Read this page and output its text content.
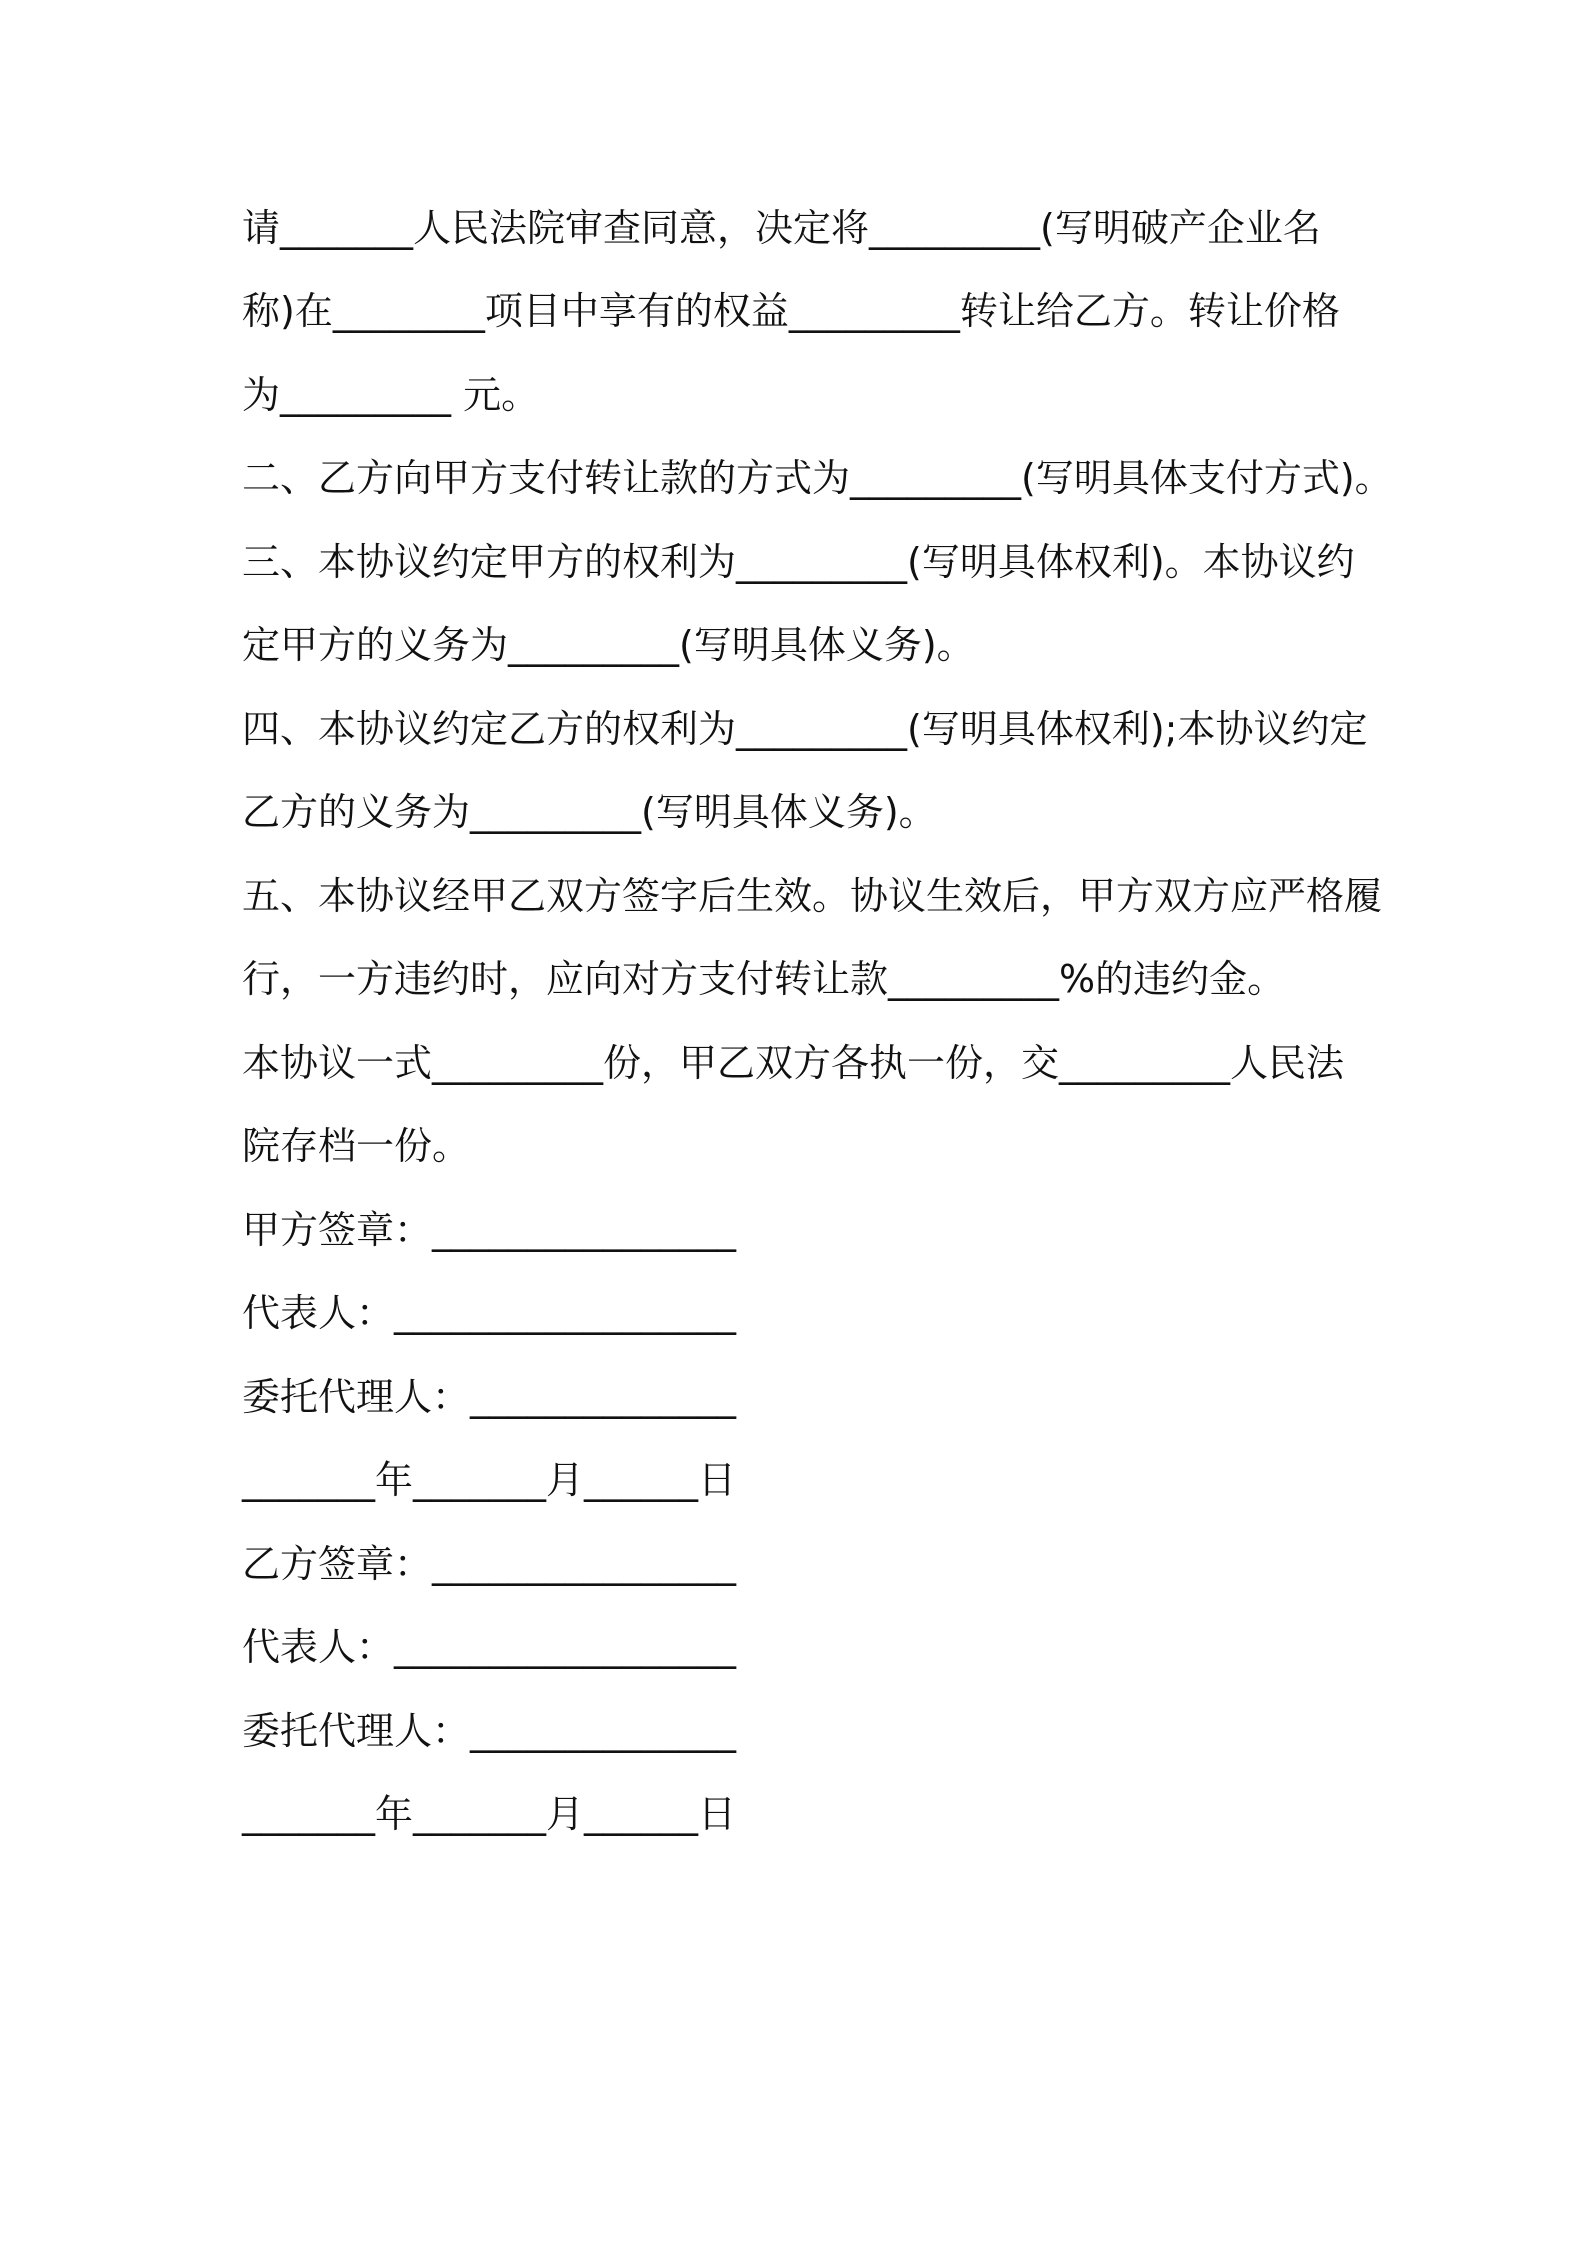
请_______人民法院审查同意，决定将_________(写明破产企业名
称)在________项目中享有的权益_________转让给乙方。转让价格
为_________ 元。
二、乙方向甲方支付转让款的方式为_________(写明具体支付方式)。
三、本协议约定甲方的权利为_________(写明具体权利)。本协议约
定甲方的义务为_________(写明具体义务)。
四、本协议约定乙方的权利为_________(写明具体权利);本协议约定
乙方的义务为_________(写明具体义务)。
五、本协议经甲乙双方签字后生效。协议生效后，甲方双方应严格履
行，一方违约时，应向对方支付转让款_________%的违约金。
本协议一式_________份，甲乙双方各执一份，交_________人民法
院存档一份。
甲方签章：________________
代表人：__________________
委托代理人：______________
_______年_______月______日
乙方签章：________________
代表人：__________________
委托代理人：______________
_______年_______月______日
